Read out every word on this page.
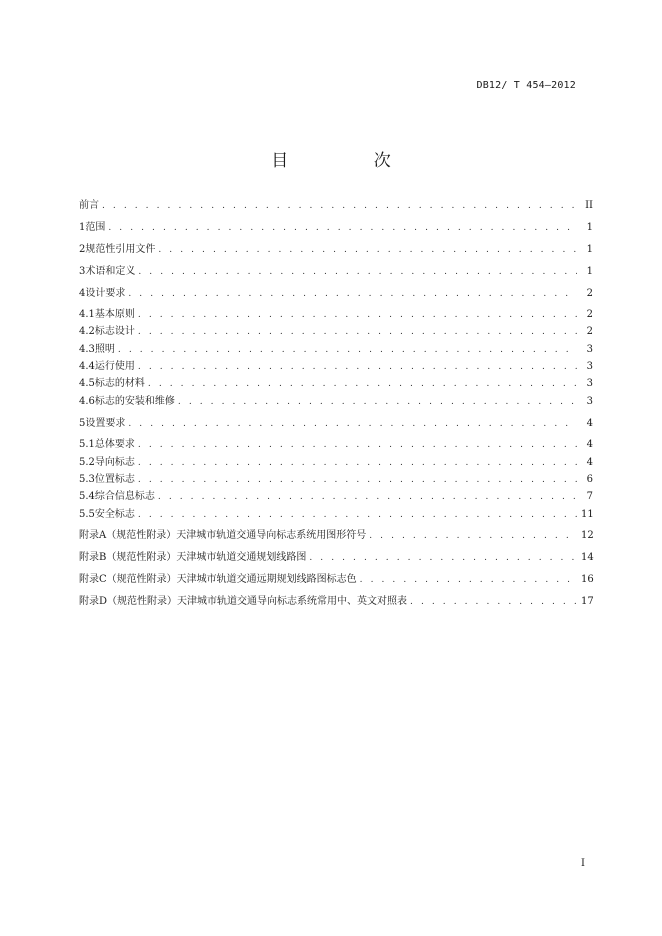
DB12/ T 454—2012
目 次
前言 . . .	II
1 范围 . . .	1
2 规范性引用文件 . . .	1
3 术语和定义 . . .	1
4 设计要求 . . .	2
4.1 基本原则 . . .	2
4.2 标志设计 . . .	2
4.3 照明 . . .	3
4.4 运行使用 . . .	3
4.5 标志的材料 . . .	3
4.6 标志的安装和维修 . . .	3
5 设置要求 . . .	4
5.1 总体要求 . . .	4
5.2 导向标志 . . .	4
5.3 位置标志 . . .	6
5.4 综合信息标志 . . .	7
5.5 安全标志 . . .	11
附录A（规范性附录） 天津城市轨道交通导向标志系统用图形符号 . . .	12
附录B（规范性附录） 天津城市轨道交通规划线路图 . . .	14
附录C（规范性附录） 天津城市轨道交通远期规划线路图标志色 . . .	16
附录D（规范性附录） 天津城市轨道交通导向标志系统常用中、英文对照表 . . .	17
I
